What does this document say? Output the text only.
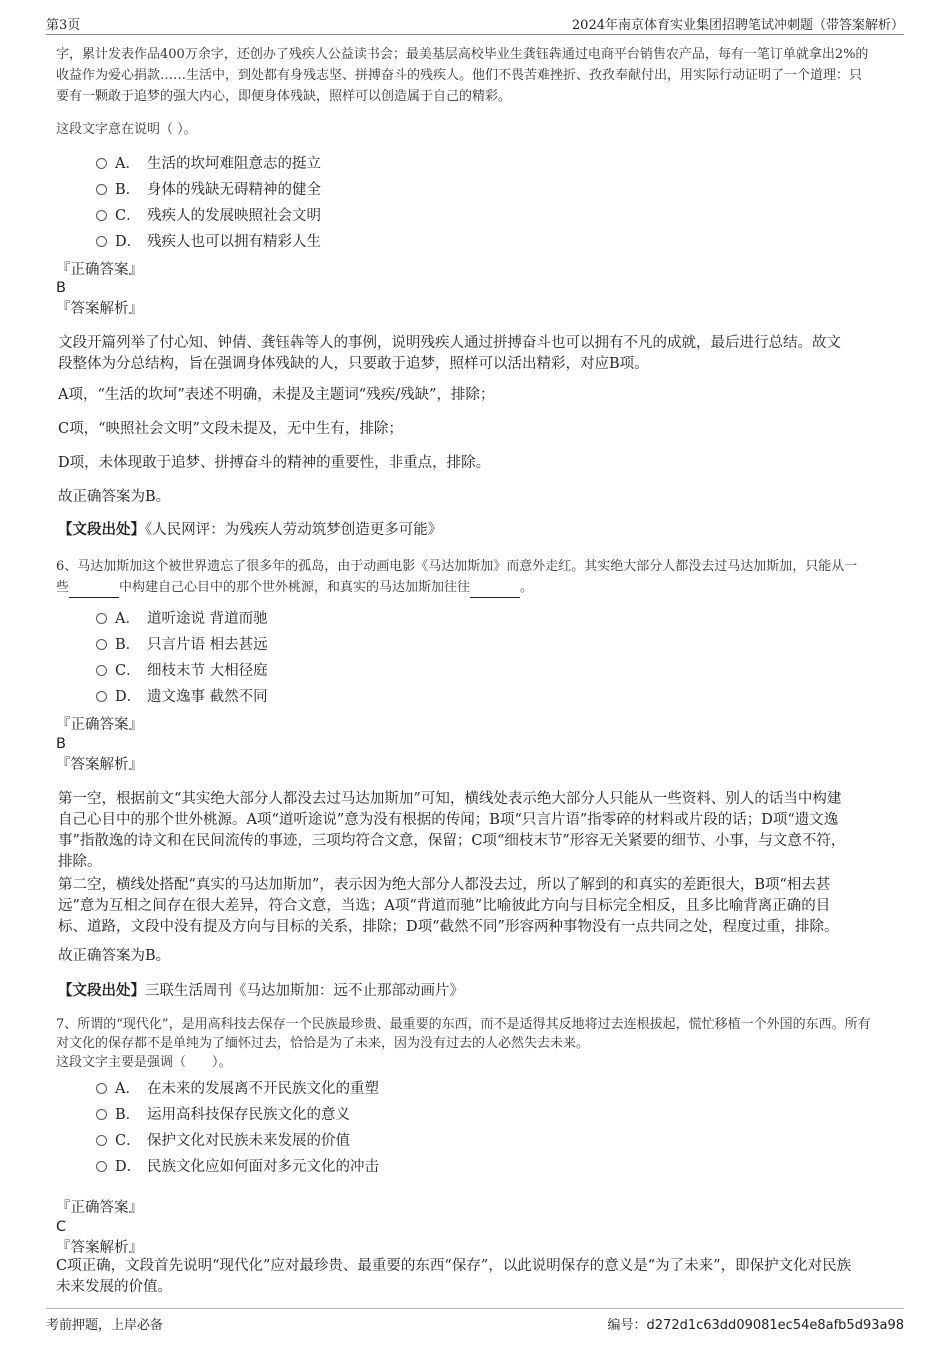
第3页	2024年南京体育实业集团招聘笔试冲刺题（带答案解析）
字，累计发表作品400万余字，还创办了残疾人公益读书会；最美基层高校毕业生龚钰犇通过电商平台销售农产品，每有一笔订单就拿出2%的
收益作为爱心捐款……生活中，到处都有身残志坚、拼搏奋斗的残疾人。他们不畏苦难挫折、孜孜奉献付出，用实际行动证明了一个道理：只
要有一颗敢于追梦的强大内心，即便身体残缺，照样可以创造属于自己的精彩。
这段文字意在说明（ ）。
A． 生活的坎坷难阻意志的挺立
B． 身体的残缺无碍精神的健全
C． 残疾人的发展映照社会文明
D． 残疾人也可以拥有精彩人生
『正确答案』
B
『答案解析』
文段开篇列举了付心知、钟倩、龚钰犇等人的事例，说明残疾人通过拼搏奋斗也可以拥有不凡的成就，最后进行总结。故文
段整体为分总结构，旨在强调身体残缺的人，只要敢于追梦，照样可以活出精彩，对应B项。
A项，“生活的坎坷”表述不明确，未提及主题词“残疾/残缺”，排除；
C项，“映照社会文明”文段未提及，无中生有，排除；
D项，未体现敢于追梦、拼搏奋斗的精神的重要性，非重点，排除。
故正确答案为B。
【文段出处】《人民网评：为残疾人劳动筑梦创造更多可能》
6、马达加斯加这个被世界遗忘了很多年的孤岛，由于动画电影《马达加斯加》而意外走红。其实绝大部分人都没去过马达加斯加，只能从一
些	中构建自己心目中的那个世外桃源，和真实的马达加斯加往往	。
A． 道听途说 背道而驰
B． 只言片语 相去甚远
C． 细枝末节 大相径庭
D． 遗文逸事 截然不同
『正确答案』
B
『答案解析』
第一空，根据前文“其实绝大部分人都没去过马达加斯加”可知，横线处表示绝大部分人只能从一些资料、别人的话当中构建
自己心目中的那个世外桃源。A项“道听途说”意为没有根据的传闻；B项“只言片语”指零碎的材料或片段的话；D项“遗文逸
事”指散逸的诗文和在民间流传的事迹，三项均符合文意，保留；C项“细枝末节”形容无关紧要的细节、小事，与文意不符，
排除。
第二空，横线处搭配“真实的马达加斯加”，表示因为绝大部分人都没去过，所以了解到的和真实的差距很大，B项“相去甚
远”意为互相之间存在很大差异，符合文意，当选；A项“背道而驰”比喻彼此方向与目标完全相反，且多比喻背离正确的目
标、道路，文段中没有提及方向与目标的关系，排除；D项“截然不同”形容两种事物没有一点共同之处，程度过重，排除。
故正确答案为B。
【文段出处】三联生活周刊《马达加斯加：远不止那部动画片》
7、所谓的“现代化”，是用高科技去保存一个民族最珍贵、最重要的东西，而不是适得其反地将过去连根拔起，慌忙移植一个外国的东西。所有
对文化的保存都不是单纯为了缅怀过去，恰恰是为了未来，因为没有过去的人必然失去未来。
这段文字主要是强调（　　）。
A． 在未来的发展离不开民族文化的重塑
B． 运用高科技保存民族文化的意义
C． 保护文化对民族未来发展的价值
D． 民族文化应如何面对多元文化的冲击
『正确答案』
C
『答案解析』
C项正确，文段首先说明“现代化”应对最珍贵、最重要的东西“保存”，以此说明保存的意义是“为了未来”，即保护文化对民族
未来发展的价值。
考前押题，上岸必备	编号：d272d1c63dd09081ec54e8afb5d93a98
